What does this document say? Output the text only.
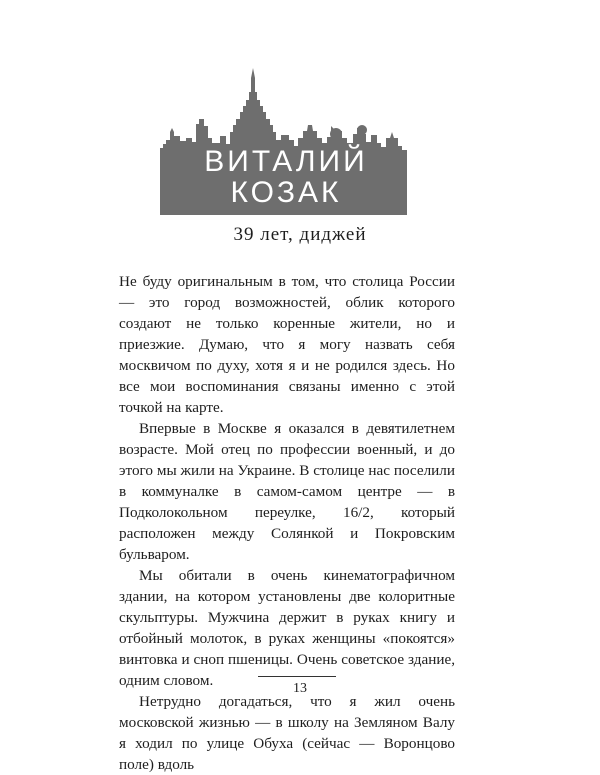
ВИТАЛИЙ
КОЗАК
39 лет, диджей

Не буду оригинальным в том, что столица России — это город возможностей, облик которого создают не только коренные жители, но и приезжие. Думаю, что я могу назвать себя москвичом по духу, хотя я и не родился здесь. Но все мои воспоминания связаны именно с этой точкой на карте.

Впервые в Москве я оказался в девятилетнем возрасте. Мой отец по профессии военный, и до этого мы жили на Украине. В столице нас поселили в коммуналке в самом-самом центре — в Подколокольном переулке, 16/2, который расположен между Солянкой и Покровским бульваром.

Мы обитали в очень кинематографичном здании, на котором установлены две колоритные скульптуры. Мужчина держит в руках книгу и отбойный молоток, в руках женщины «покоятся» винтовка и сноп пшеницы. Очень советское здание, одним словом.

Нетрудно догадаться, что я жил очень московской жизнью — в школу на Земляном Валу я ходил по улице Обуха (сейчас — Воронцово поле) вдоль

13
